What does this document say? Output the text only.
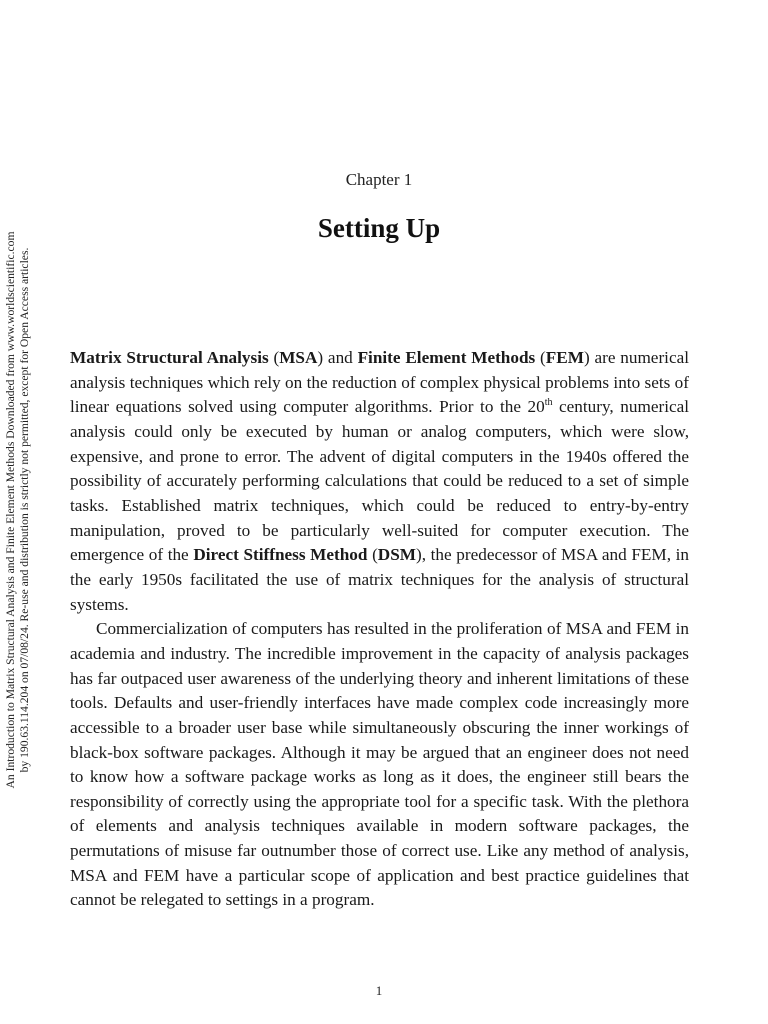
An Introduction to Matrix Structural Analysis and Finite Element Methods Downloaded from www.worldscientific.com by 190.63.114.204 on 07/08/24. Re-use and distribution is strictly not permitted, except for Open Access articles.
Chapter 1
Setting Up

Matrix Structural Analysis (MSA) and Finite Element Methods (FEM) are numerical analysis techniques which rely on the reduction of complex physical problems into sets of linear equations solved using computer algorithms. Prior to the 20th century, numerical analysis could only be executed by human or analog computers, which were slow, expensive, and prone to error. The advent of digital computers in the 1940s offered the possibility of accurately performing calculations that could be reduced to a set of simple tasks. Established matrix techniques, which could be reduced to entry-by-entry manipulation, proved to be particularly well-suited for computer execution. The emergence of the Direct Stiffness Method (DSM), the predecessor of MSA and FEM, in the early 1950s facilitated the use of matrix techniques for the analysis of structural systems.

Commercialization of computers has resulted in the proliferation of MSA and FEM in academia and industry. The incredible improvement in the capacity of analysis packages has far outpaced user awareness of the underlying theory and inherent limitations of these tools. Defaults and user-friendly interfaces have made complex code increasingly more accessible to a broader user base while simultaneously obscuring the inner workings of black-box software packages. Although it may be argued that an engineer does not need to know how a software package works as long as it does, the engineer still bears the responsibility of correctly using the appropriate tool for a specific task. With the plethora of elements and analysis techniques available in modern software packages, the permutations of misuse far outnumber those of correct use. Like any method of analysis, MSA and FEM have a particular scope of application and best practice guidelines that cannot be relegated to settings in a program.

1
